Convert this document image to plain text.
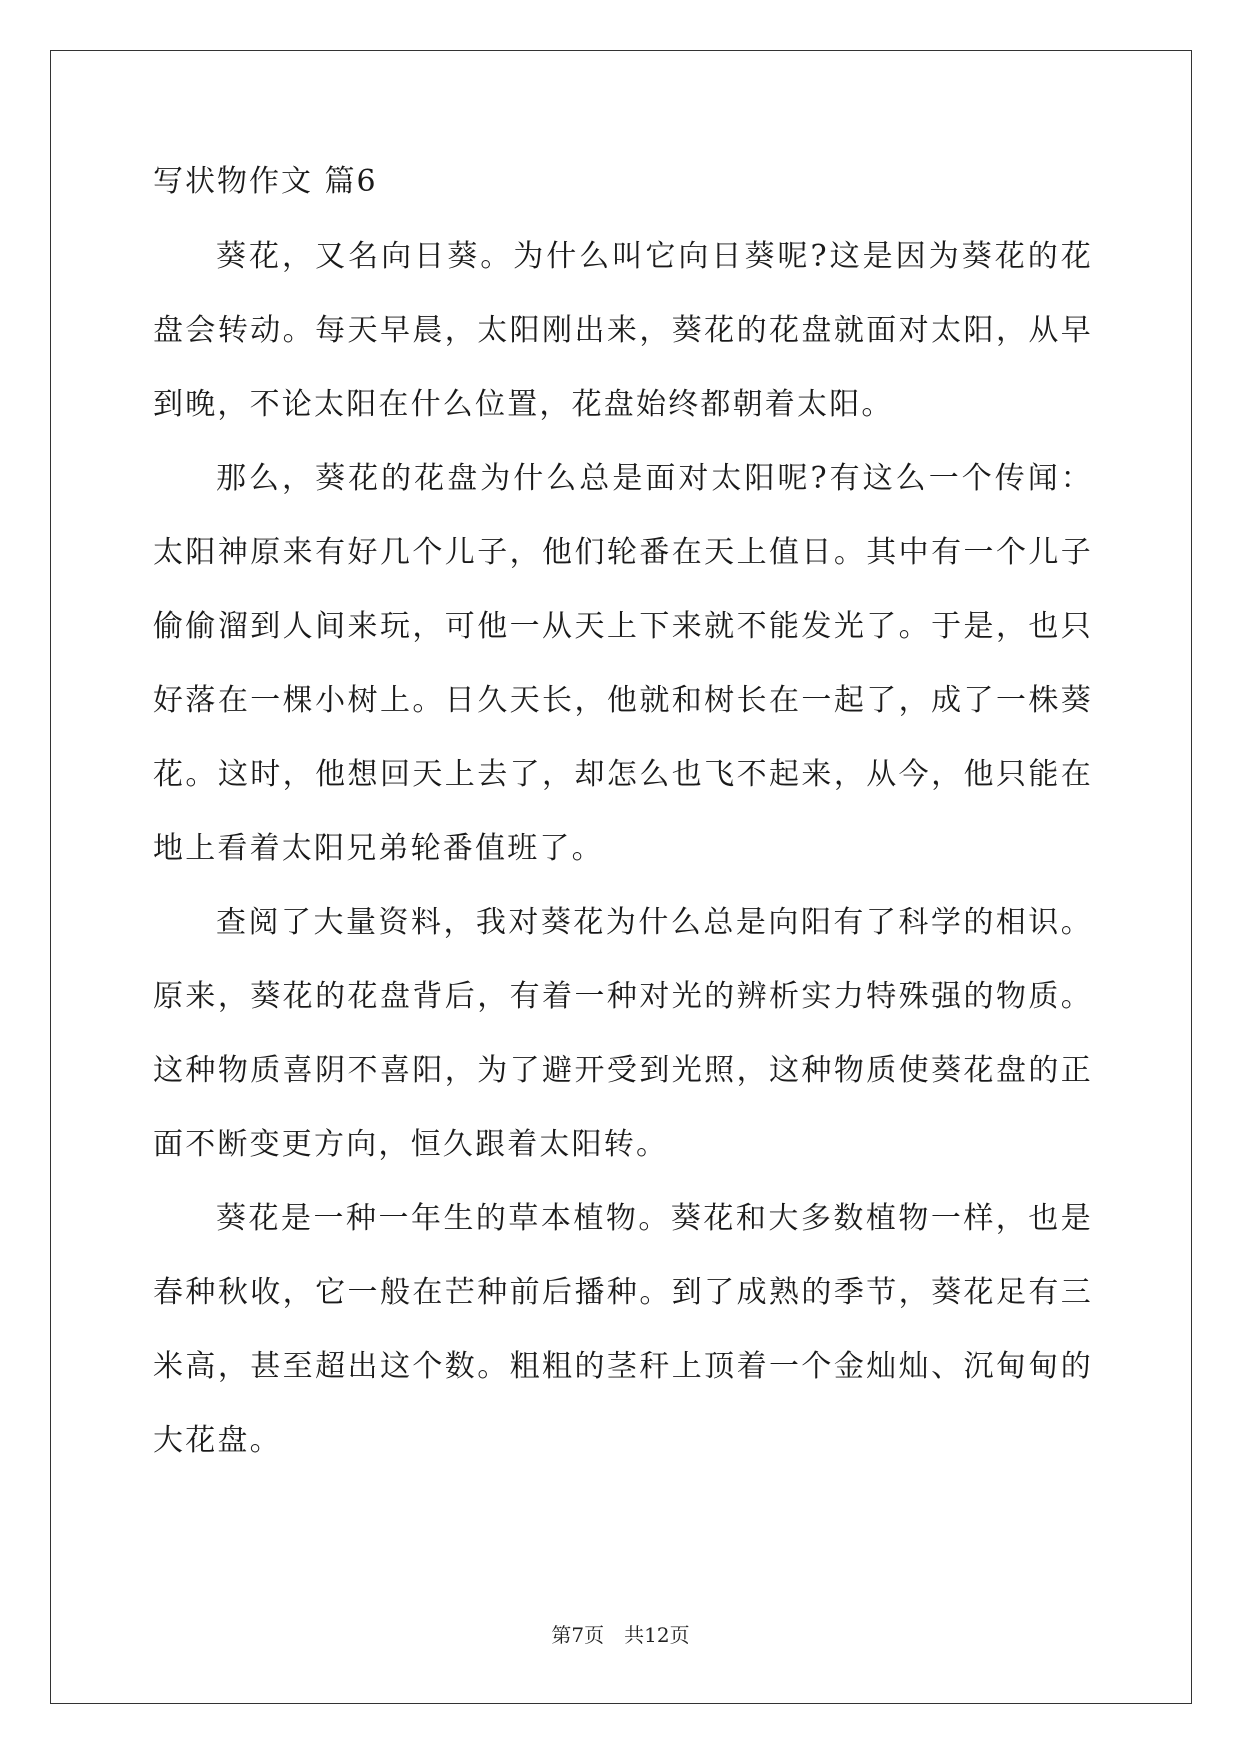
写状物作文 篇6

葵花，又名向日葵。为什么叫它向日葵呢?这是因为葵花的花盘会转动。每天早晨，太阳刚出来，葵花的花盘就面对太阳，从早到晚，不论太阳在什么位置，花盘始终都朝着太阳。

那么，葵花的花盘为什么总是面对太阳呢?有这么一个传闻：太阳神原来有好几个儿子，他们轮番在天上值日。其中有一个儿子偷偷溜到人间来玩，可他一从天上下来就不能发光了。于是，也只好落在一棵小树上。日久天长，他就和树长在一起了，成了一株葵花。这时，他想回天上去了，却怎么也飞不起来，从今，他只能在地上看着太阳兄弟轮番值班了。

查阅了大量资料，我对葵花为什么总是向阳有了科学的相识。原来，葵花的花盘背后，有着一种对光的辨析实力特殊强的物质。这种物质喜阴不喜阳，为了避开受到光照，这种物质使葵花盘的正面不断变更方向，恒久跟着太阳转。

葵花是一种一年生的草本植物。葵花和大多数植物一样，也是春种秋收，它一般在芒种前后播种。到了成熟的季节，葵花足有三米高，甚至超出这个数。粗粗的茎秆上顶着一个金灿灿、沉甸甸的大花盘。

第7页 共12页
